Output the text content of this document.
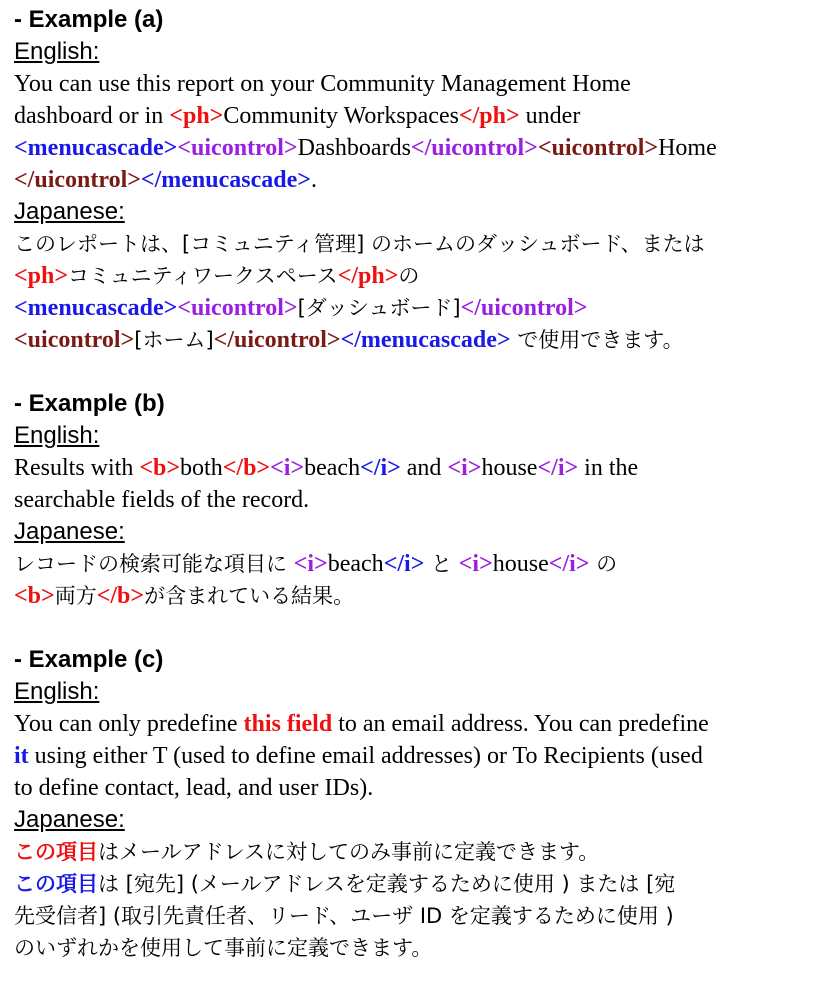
- Example (a)
English:
You can use this report on your Community Management Home
dashboard or in <ph>Community Workspaces</ph> under
<menucascade><uicontrol>Dashboards</uicontrol><uicontrol>Home
</uicontrol></menucascade>.
Japanese:
このレポートは、[コミュニティ管理] のホームのダッシュボード、または
<ph>コミュニティワークスペース</ph>の
<menucascade><uicontrol>[ダッシュボード]</uicontrol>
<uicontrol>[ホーム]</uicontrol></menucascade> で使用できます。
- Example (b)
English:
Results with <b>both</b><i>beach</i> and <i>house</i> in the
searchable fields of the record.
Japanese:
レコードの検索可能な項目に <i>beach</i> と <i>house</i> の
<b>両方</b>が含まれている結果。
- Example (c)
English:
You can only predefine this field to an email address. You can predefine
it using either T (used to define email addresses) or To Recipients (used
to define contact, lead, and user IDs).
Japanese:
この項目はメールアドレスに対してのみ事前に定義できます。
この項目は [宛先] (メールアドレスを定義するために使用 ) または [宛
先受信者] (取引先責任者、リード、ユーザ ID を定義するために使用 )
のいずれかを使用して事前に定義できます。
